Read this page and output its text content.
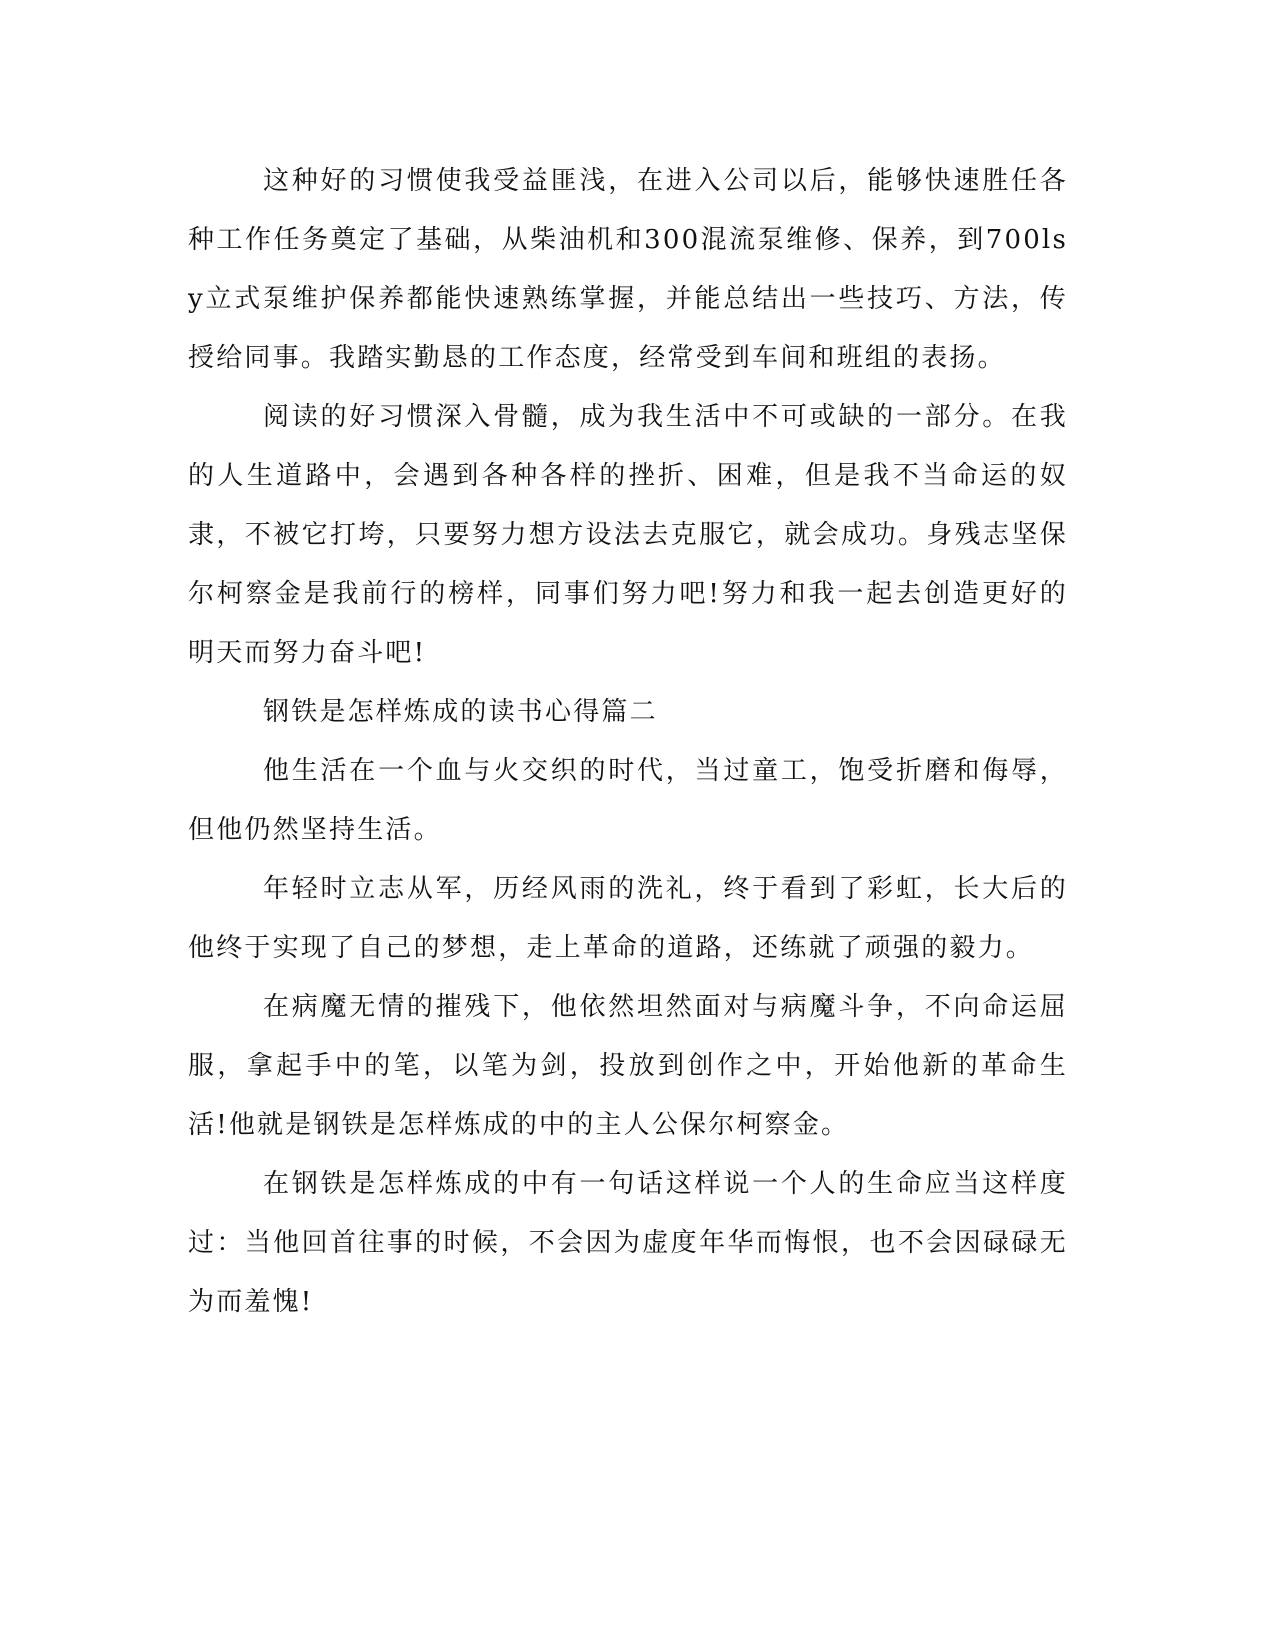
这种好的习惯使我受益匪浅，在进入公司以后，能够快速胜任各种工作任务奠定了基础，从柴油机和300混流泵维修、保养，到700lsy立式泵维护保养都能快速熟练掌握，并能总结出一些技巧、方法，传授给同事。我踏实勤恳的工作态度，经常受到车间和班组的表扬。

阅读的好习惯深入骨髓，成为我生活中不可或缺的一部分。在我的人生道路中，会遇到各种各样的挫折、困难，但是我不当命运的奴隶，不被它打垮，只要努力想方设法去克服它，就会成功。身残志坚保尔柯察金是我前行的榜样，同事们努力吧!努力和我一起去创造更好的明天而努力奋斗吧!

钢铁是怎样炼成的读书心得篇二

他生活在一个血与火交织的时代，当过童工，饱受折磨和侮辱，但他仍然坚持生活。

年轻时立志从军，历经风雨的洗礼，终于看到了彩虹，长大后的他终于实现了自己的梦想，走上革命的道路，还练就了顽强的毅力。

在病魔无情的摧残下，他依然坦然面对与病魔斗争，不向命运屈服，拿起手中的笔，以笔为剑，投放到创作之中，开始他新的革命生活!他就是钢铁是怎样炼成的中的主人公保尔柯察金。

在钢铁是怎样炼成的中有一句话这样说一个人的生命应当这样度过：当他回首往事的时候，不会因为虚度年华而悔恨，也不会因碌碌无为而羞愧!
